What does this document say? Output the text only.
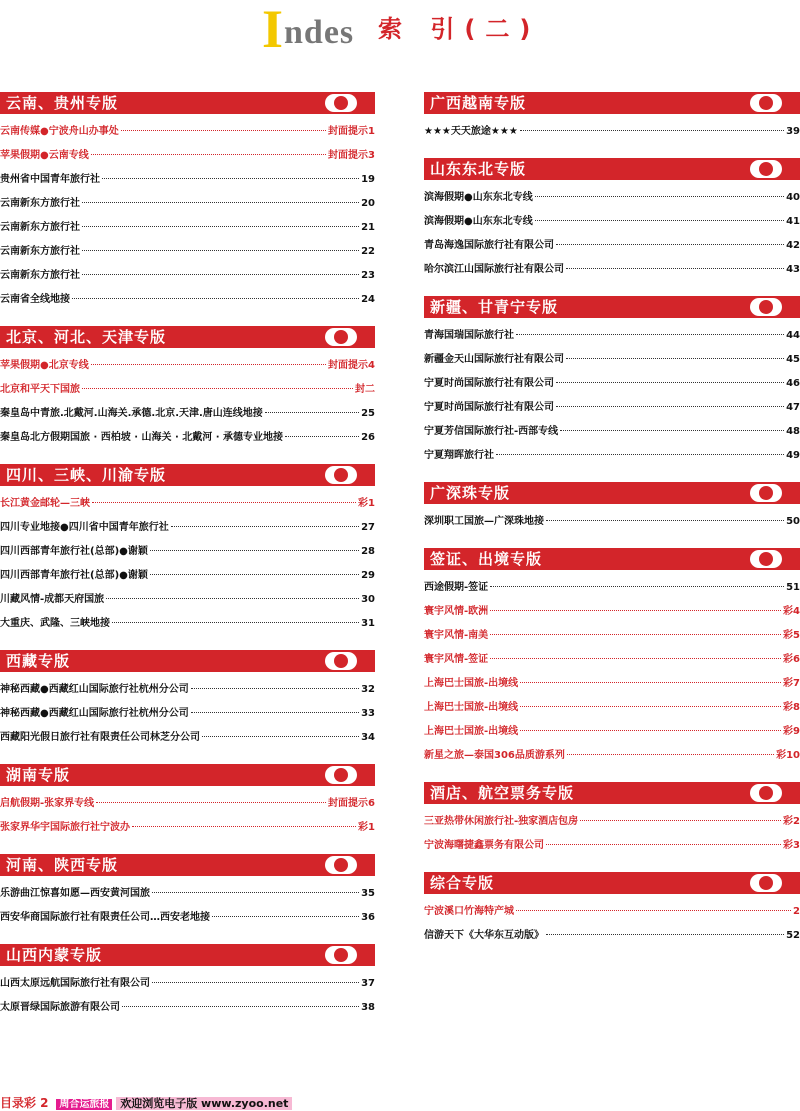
I ndes 索 引(二)
云南、贵州专版
云南传媒●宁波舟山办事处	封面提示1
苹果假期●云南专线	封面提示3
贵州省中国青年旅行社	19
云南新东方旅行社	20
云南新东方旅行社	21
云南新东方旅行社	22
云南新东方旅行社	23
云南省全线地接	24
北京、河北、天津专版
苹果假期●北京专线	封面提示4
北京和平天下国旅	封二
秦皇岛中青旅.北戴河.山海关.承德.北京.天津.唐山连线地接	25
秦皇岛北方假期国旅 · 西柏坡 · 山海关 · 北戴河 · 承德专业地接	26
四川、三峡、川渝专版
长江黄金邮轮—三峡	彩1
四川专业地接●四川省中国青年旅行社	27
四川西部青年旅行社(总部)●谢颖	28
四川西部青年旅行社(总部)●谢颖	29
川藏风情-成都天府国旅	30
大重庆、武隆、三峡地接	31
西藏专版
神秘西藏●西藏红山国际旅行社杭州分公司	32
神秘西藏●西藏红山国际旅行社杭州分公司	33
西藏阳光假日旅行社有限责任公司林芝分公司	34
湖南专版
启航假期-张家界专线	封面提示6
张家界华宇国际旅行社宁波办	彩1
河南、陕西专版
乐游曲江惊喜如愿—西安黄河国旅	35
西安华商国际旅行社有限责任公司…西安老地接	36
山西内蒙专版
山西太原远航国际旅行社有限公司	37
太原晋绿国际旅游有限公司	38
广西越南专版
★★★天天旅途★★★	39
山东东北专版
滨海假期●山东东北专线	40
滨海假期●山东东北专线	41
青岛海逸国际旅行社有限公司	42
哈尔滨江山国际旅行社有限公司	43
新疆、甘青宁专版
青海国瑞国际旅行社	44
新疆金天山国际旅行社有限公司	45
宁夏时尚国际旅行社有限公司	46
宁夏时尚国际旅行社有限公司	47
宁夏芳信国际旅行社-西部专线	48
宁夏翔晖旅行社	49
广深珠专版
深圳职工国旅—广深珠地接	50
签证、出境专版
西途假期-签证	51
寰宇风情-欧洲	彩4
寰宇风情-南美	彩5
寰宇风情-签证	彩6
上海巴士国旅-出境线	彩7
上海巴士国旅-出境线	彩8
上海巴士国旅-出境线	彩9
新星之旅—泰国306品质游系列	彩10
酒店、航空票务专版
三亚热带休闲旅行社-独家酒店包房	彩2
宁波海曙捷鑫票务有限公司	彩3
综合专版
宁波溪口竹海特产城	2
信游天下《大华东互动版》	52
目录彩 2 周合运旅报 欢迎浏览电子版 www.zyoo.net
